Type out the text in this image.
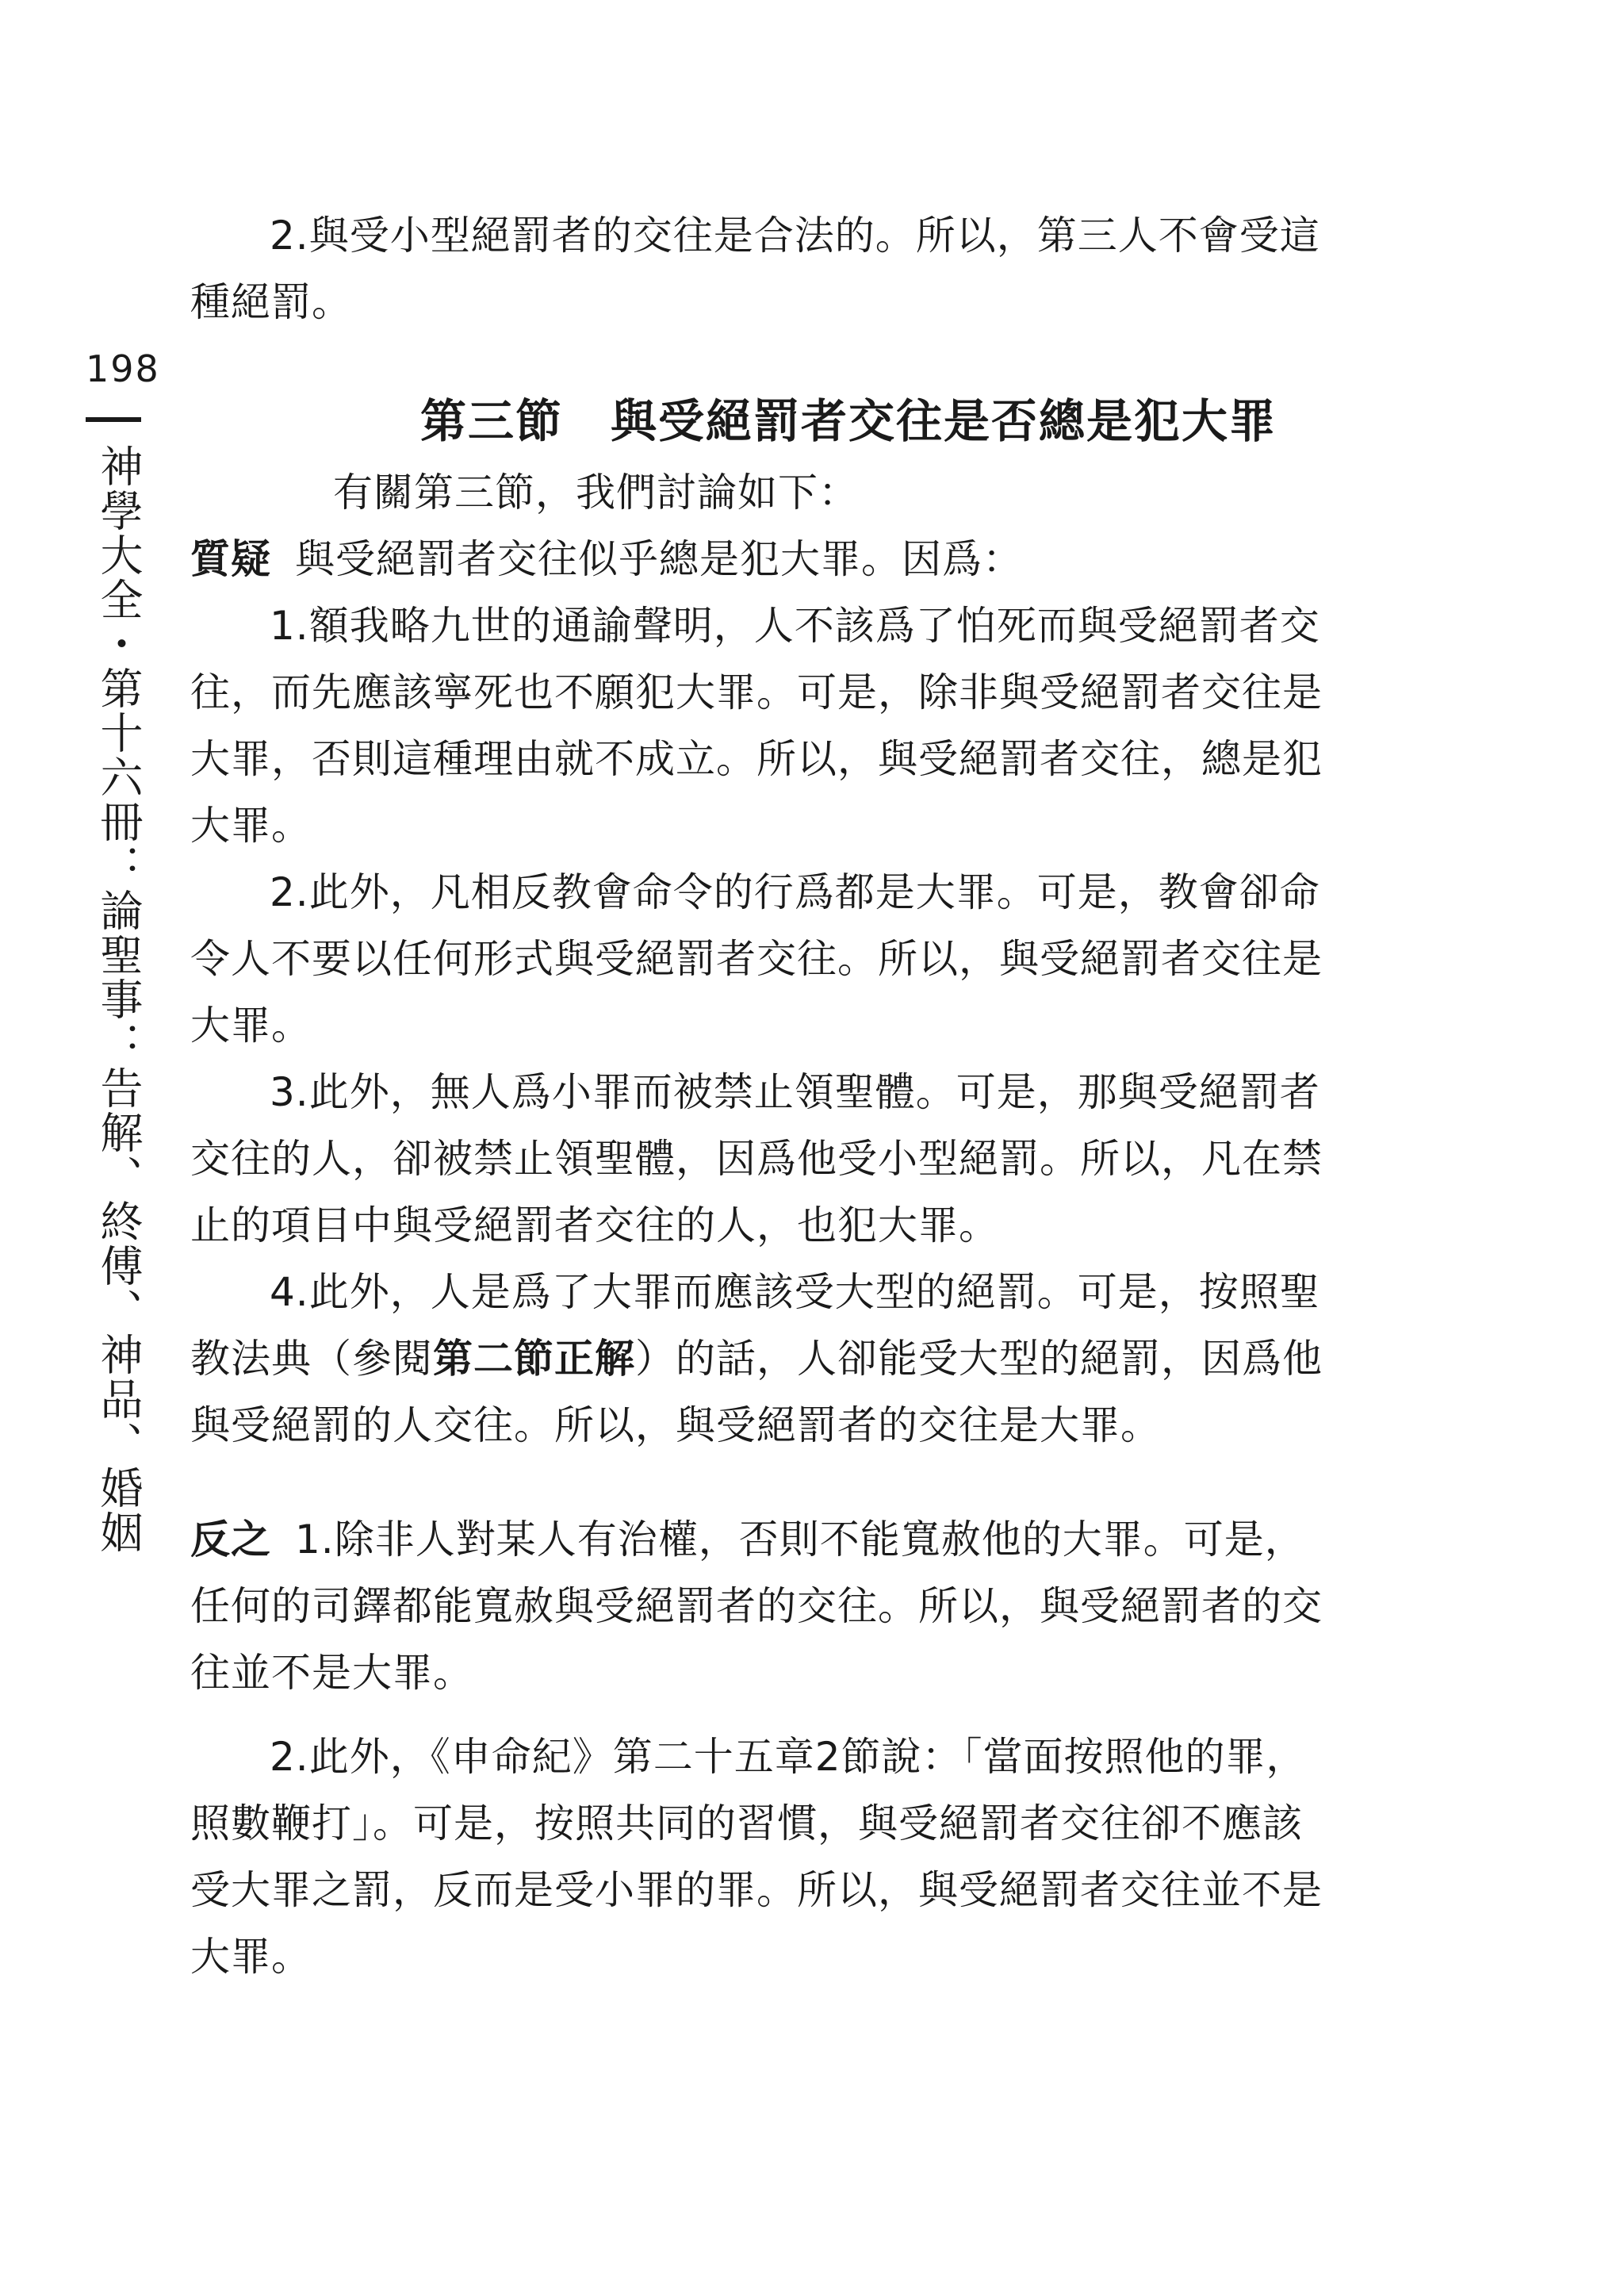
198
神學大全・第十六冊：論聖事：告解、終傅、神品、婚姻

2.與受小型絕罰者的交往是合法的。所以，第三人不會受這種絕罰。

第三節 與受絕罰者交往是否總是犯大罪

有關第三節，我們討論如下：

質疑 與受絕罰者交往似乎總是犯大罪。因爲：

1.額我略九世的通諭聲明，人不該爲了怕死而與受絕罰者交往，而先應該寧死也不願犯大罪。可是，除非與受絕罰者交往是大罪，否則這種理由就不成立。所以，與受絕罰者交往，總是犯大罪。

2.此外，凡相反教會命令的行爲都是大罪。可是，教會卻命令人不要以任何形式與受絕罰者交往。所以，與受絕罰者交往是大罪。

3.此外，無人爲小罪而被禁止領聖體。可是，那與受絕罰者交往的人，卻被禁止領聖體，因爲他受小型絕罰。所以，凡在禁止的項目中與受絕罰者交往的人，也犯大罪。

4.此外，人是爲了大罪而應該受大型的絕罰。可是，按照聖教法典（參閱第二節正解）的話，人卻能受大型的絕罰，因爲他與受絕罰的人交往。所以，與受絕罰者的交往是大罪。

反之 1.除非人對某人有治權，否則不能寬赦他的大罪。可是，任何的司鐸都能寬赦與受絕罰者的交往。所以，與受絕罰者的交往並不是大罪。

2.此外，《申命紀》第二十五章2節說：「當面按照他的罪，照數鞭打」。可是，按照共同的習慣，與受絕罰者交往卻不應該受大罪之罰，反而是受小罪的罪。所以，與受絕罰者交往並不是大罪。
